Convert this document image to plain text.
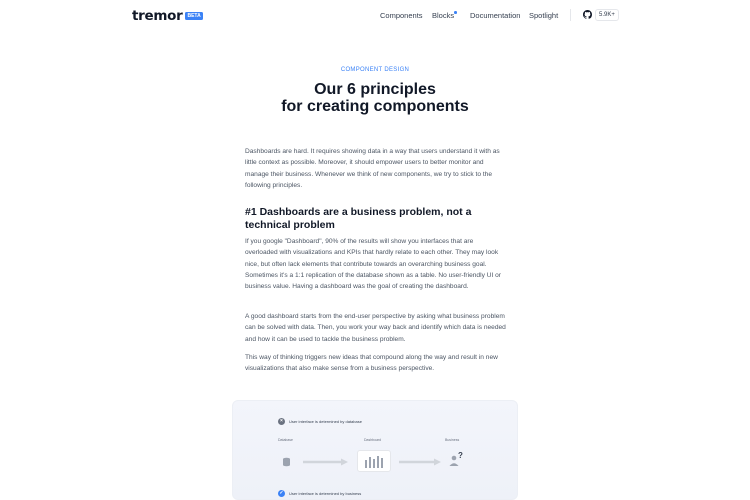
tremor	BETA	Components Blocks Documentation Spotlight	5.9K+
COMPONENT DESIGN
Our 6 principles
for creating components

Dashboards are hard. It requires showing data in a way that users understand it with as little context as possible. Moreover, it should empower users to better monitor and manage their business. Whenever we think of new components, we try to stick to the following principles.

#1 Dashboards are a business problem, not a technical problem

If you google "Dashboard", 90% of the results will show you interfaces that are overloaded with visualizations and KPIs that hardly relate to each other. They may look nice, but often lack elements that contribute towards an overarching business goal. Sometimes it's a 1:1 replication of the database shown as a table. No user-friendly UI or business value. Having a dashboard was the goal of creating the dashboard.

A good dashboard starts from the end-user perspective by asking what business problem can be solved with data. Then, you work your way back and identify which data is needed and how it can be used to tackle the business problem.

This way of thinking triggers new ideas that compound along the way and result in new visualizations that also make sense from a business perspective.

×	User interface is determined by database
Database	Dashboard	Business
?
✓	User interface is determined by business
